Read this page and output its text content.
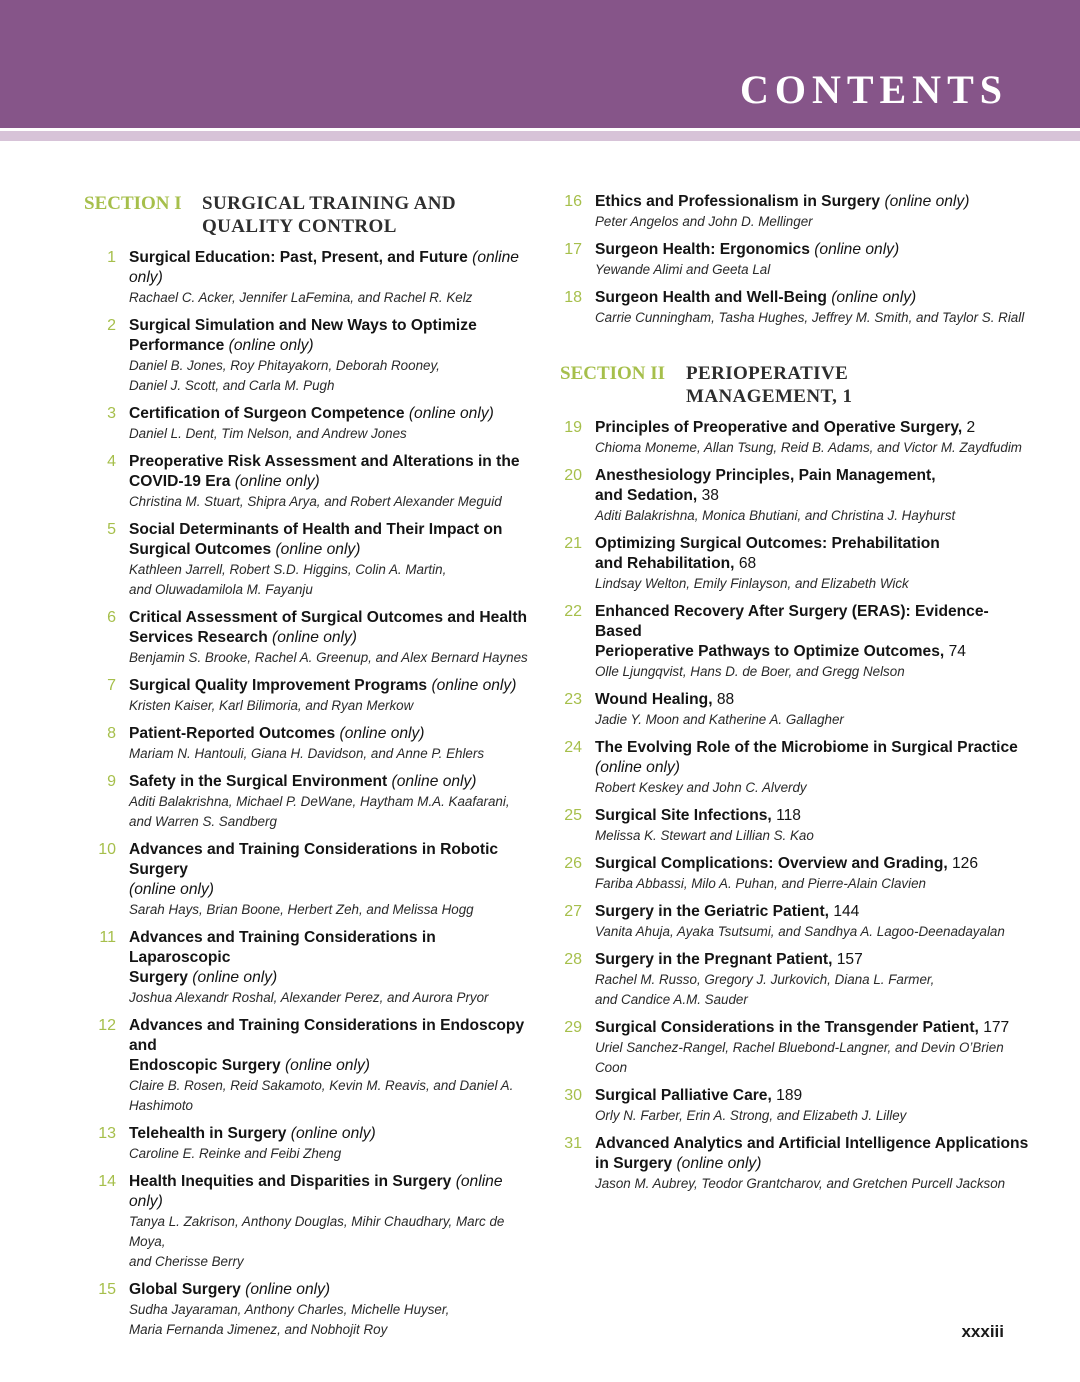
CONTENTS
SECTION I	SURGICAL TRAINING AND
QUALITY CONTROL
1 Surgical Education: Past, Present, and Future (online only)
Rachael C. Acker, Jennifer LaFemina, and Rachel R. Kelz
2 Surgical Simulation and New Ways to Optimize
Performance (online only)
Daniel B. Jones, Roy Phitayakorn, Deborah Rooney,
Daniel J. Scott, and Carla M. Pugh
3 Certification of Surgeon Competence (online only)
Daniel L. Dent, Tim Nelson, and Andrew Jones
4 Preoperative Risk Assessment and Alterations in the
COVID-19 Era (online only)
Christina M. Stuart, Shipra Arya, and Robert Alexander Meguid
5 Social Determinants of Health and Their Impact on
Surgical Outcomes (online only)
Kathleen Jarrell, Robert S.D. Higgins, Colin A. Martin,
and Oluwadamilola M. Fayanju
6 Critical Assessment of Surgical Outcomes and Health
Services Research (online only)
Benjamin S. Brooke, Rachel A. Greenup, and Alex Bernard Haynes
7 Surgical Quality Improvement Programs (online only)
Kristen Kaiser, Karl Bilimoria, and Ryan Merkow
8 Patient-Reported Outcomes (online only)
Mariam N. Hantouli, Giana H. Davidson, and Anne P. Ehlers
9 Safety in the Surgical Environment (online only)
Aditi Balakrishna, Michael P. DeWane, Haytham M.A. Kaafarani,
and Warren S. Sandberg
10 Advances and Training Considerations in Robotic Surgery
(online only)
Sarah Hays, Brian Boone, Herbert Zeh, and Melissa Hogg
11 Advances and Training Considerations in Laparoscopic
Surgery (online only)
Joshua Alexandr Roshal, Alexander Perez, and Aurora Pryor
12 Advances and Training Considerations in Endoscopy and
Endoscopic Surgery (online only)
Claire B. Rosen, Reid Sakamoto, Kevin M. Reavis, and Daniel A.
Hashimoto
13 Telehealth in Surgery (online only)
Caroline E. Reinke and Feibi Zheng
14 Health Inequities and Disparities in Surgery (online only)
Tanya L. Zakrison, Anthony Douglas, Mihir Chaudhary, Marc de Moya,
and Cherisse Berry
15 Global Surgery (online only)
Sudha Jayaraman, Anthony Charles, Michelle Huyser,
Maria Fernanda Jimenez, and Nobhojit Roy
16 Ethics and Professionalism in Surgery (online only)
Peter Angelos and John D. Mellinger
17 Surgeon Health: Ergonomics (online only)
Yewande Alimi and Geeta Lal
18 Surgeon Health and Well-Being (online only)
Carrie Cunningham, Tasha Hughes, Jeffrey M. Smith, and Taylor S. Riall
SECTION II	PERIOPERATIVE
MANAGEMENT, 1
19 Principles of Preoperative and Operative Surgery, 2
Chioma Moneme, Allan Tsung, Reid B. Adams, and Victor M. Zaydfudim
20 Anesthesiology Principles, Pain Management,
and Sedation, 38
Aditi Balakrishna, Monica Bhutiani, and Christina J. Hayhurst
21 Optimizing Surgical Outcomes: Prehabilitation
and Rehabilitation, 68
Lindsay Welton, Emily Finlayson, and Elizabeth Wick
22 Enhanced Recovery After Surgery (ERAS): Evidence-Based
Perioperative Pathways to Optimize Outcomes, 74
Olle Ljungqvist, Hans D. de Boer, and Gregg Nelson
23 Wound Healing, 88
Jadie Y. Moon and Katherine A. Gallagher
24 The Evolving Role of the Microbiome in Surgical Practice
(online only)
Robert Keskey and John C. Alverdy
25 Surgical Site Infections, 118
Melissa K. Stewart and Lillian S. Kao
26 Surgical Complications: Overview and Grading, 126
Fariba Abbassi, Milo A. Puhan, and Pierre-Alain Clavien
27 Surgery in the Geriatric Patient, 144
Vanita Ahuja, Ayaka Tsutsumi, and Sandhya A. Lagoo-Deenadayalan
28 Surgery in the Pregnant Patient, 157
Rachel M. Russo, Gregory J. Jurkovich, Diana L. Farmer,
and Candice A.M. Sauder
29 Surgical Considerations in the Transgender Patient, 177
Uriel Sanchez-Rangel, Rachel Bluebond-Langner, and Devin O’Brien Coon
30 Surgical Palliative Care, 189
Orly N. Farber, Erin A. Strong, and Elizabeth J. Lilley
31 Advanced Analytics and Artificial Intelligence Applications
in Surgery (online only)
Jason M. Aubrey, Teodor Grantcharov, and Gretchen Purcell Jackson
xxxiii
